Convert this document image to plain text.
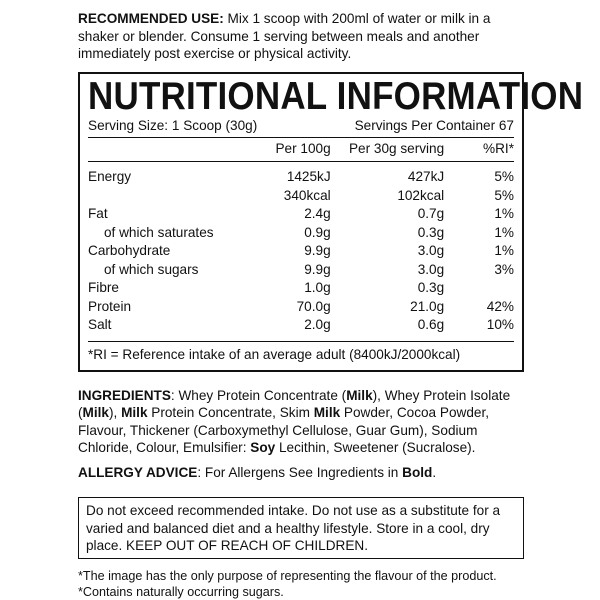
RECOMMENDED USE: Mix 1 scoop with 200ml of water or milk in a shaker or blender. Consume 1 serving between meals and another immediately post exercise or physical activity.

NUTRITIONAL INFORMATION
Serving Size: 1 Scoop (30g)	Servings Per Container 67
	Per 100g	Per 30g serving	%RI*
Energy	1425kJ	427kJ	5%
	340kcal	102kcal	5%
Fat	2.4g	0.7g	1%
of which saturates	0.9g	0.3g	1%
Carbohydrate	9.9g	3.0g	1%
of which sugars	9.9g	3.0g	3%
Fibre	1.0g	0.3g	
Protein	70.0g	21.0g	42%
Salt	2.0g	0.6g	10%
*RI = Reference intake of an average adult (8400kJ/2000kcal)

INGREDIENTS: Whey Protein Concentrate (Milk), Whey Protein Isolate (Milk), Milk Protein Concentrate, Skim Milk Powder, Cocoa Powder, Flavour, Thickener (Carboxymethyl Cellulose, Guar Gum), Sodium Chloride, Colour, Emulsifier: Soy Lecithin, Sweetener (Sucralose).

ALLERGY ADVICE: For Allergens See Ingredients in Bold.

Do not exceed recommended intake. Do not use as a substitute for a varied and balanced diet and a healthy lifestyle. Store in a cool, dry place. KEEP OUT OF REACH OF CHILDREN.
*The image has the only purpose of representing the flavour of the product.
*Contains naturally occurring sugars.
